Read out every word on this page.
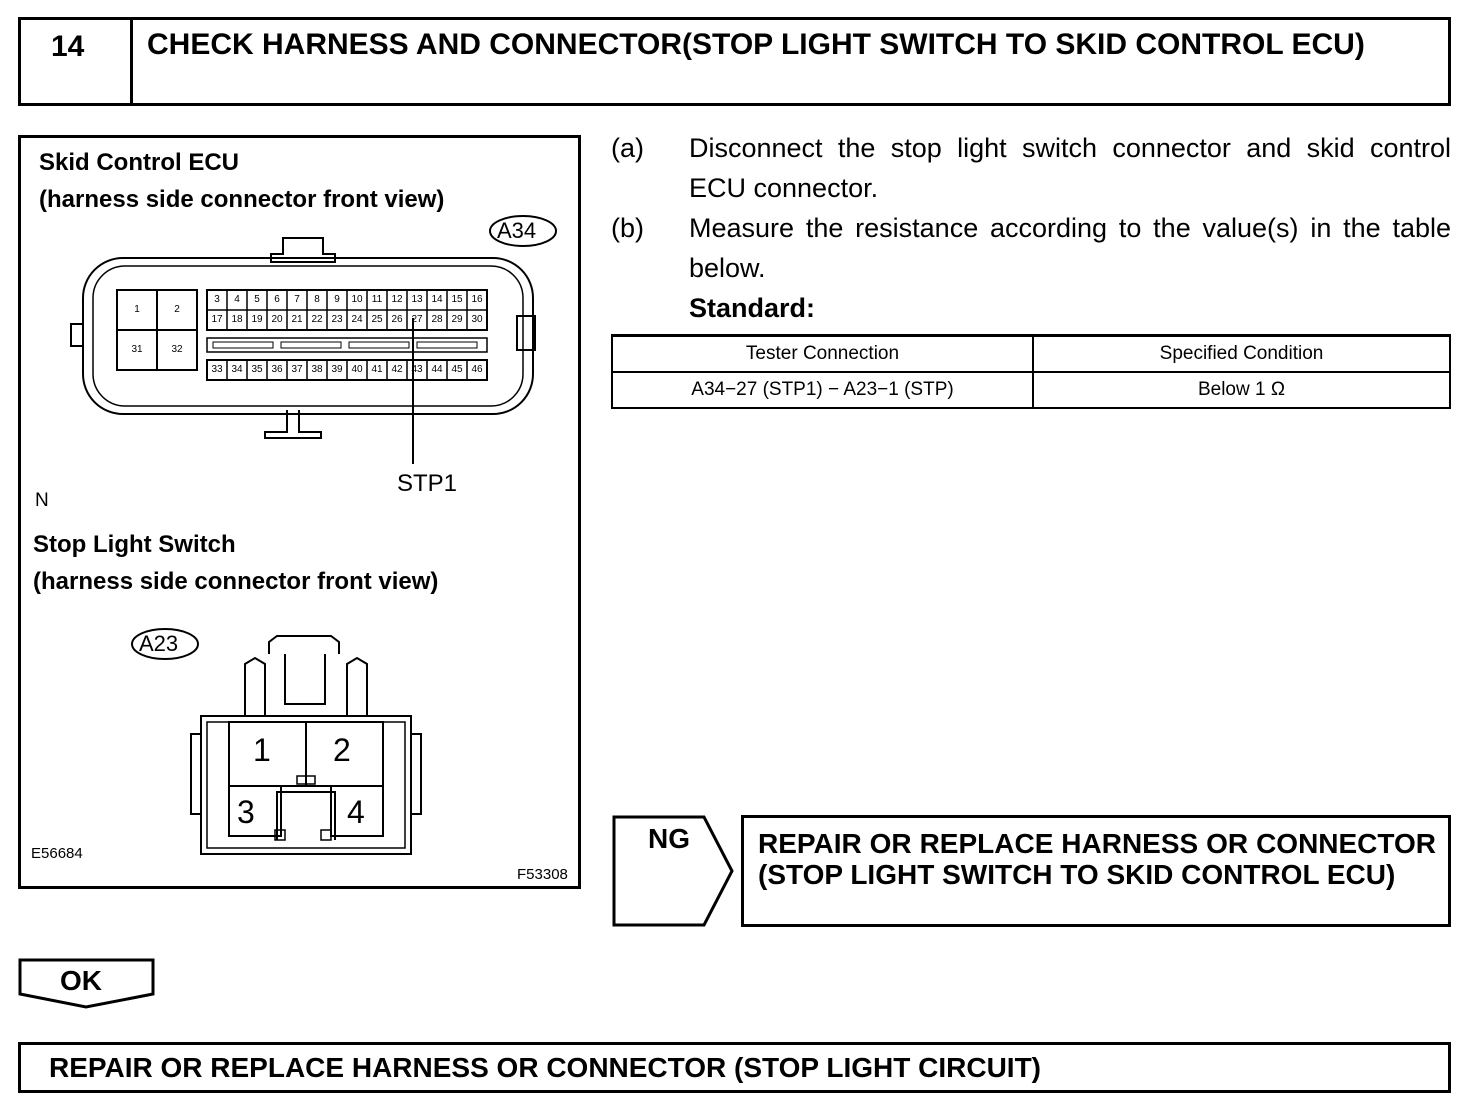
14	CHECK HARNESS AND CONNECTOR(STOP LIGHT SWITCH TO SKID CONTROL ECU)
Skid Control ECU
(harness side connector front view)
A34
1	2
31	32
3	4	5	6	7	8	9	10 11 12 13 14 15 16
17 18 19 20 21 22 23 24 25 26 27 28 29 30
33 34 35 36 37 38 39 40 41 42 43 44 45 46
STP1
N
Stop Light Switch
(harness side connector front view)
A23
1 2
3	4
E56684
F53308
(a) Disconnect the stop light switch connector and skid control ECU connector.
(b) Measure the resistance according to the value(s) in the table below.
Standard:
Tester Connection	Specified Condition
A34−27 (STP1) − A23−1 (STP)	Below 1 Ω
NG REPAIR OR REPLACE HARNESS OR CONNECTOR (STOP LIGHT SWITCH TO SKID CONTROL ECU)
OK
REPAIR OR REPLACE HARNESS OR CONNECTOR (STOP LIGHT CIRCUIT)
